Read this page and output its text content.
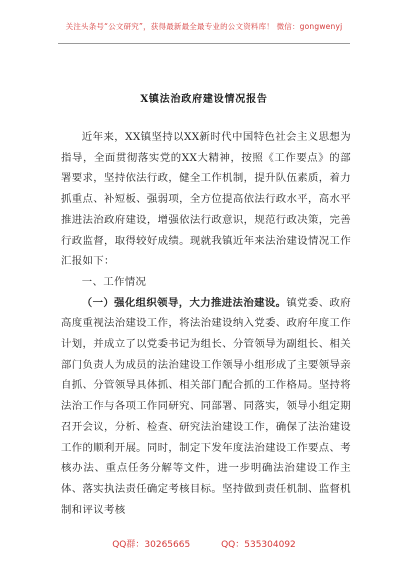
关注头条号“公文研究”，获得最新最全最专业的公文资料库！ 微信：gongwenyj
X镇法治政府建设情况报告

近年来，XX镇坚持以XX新时代中国特色社会主义思想为指导，全面贯彻落实党的XX大精神，按照《工作要点》的部署要求，坚持依法行政，健全工作机制，提升队伍素质，着力抓重点、补短板、强弱项，全方位提高依法行政水平，高水平推进法治政府建设，增强依法行政意识，规范行政决策，完善行政监督，取得较好成绩。现就我镇近年来法治建设情况工作汇报如下：

一、工作情况

（一）强化组织领导，大力推进法治建设。镇党委、政府高度重视法治建设工作，将法治建设纳入党委、政府年度工作计划，并成立了以党委书记为组长、分管领导为副组长、相关部门负责人为成员的法治建设工作领导小组形成了主要领导亲自抓、分管领导具体抓、相关部门配合抓的工作格局。坚持将法治工作与各项工作同研究、同部署、同落实，领导小组定期召开会议，分析、检查、研究法治建设工作，确保了法治建设工作的顺利开展。同时，制定下发年度法治建设工作要点、考核办法、重点任务分解等文件，进一步明确法治建设工作主体、落实执法责任确定考核目标。坚持做到责任机制、监督机制和评议考核

QQ群：30265665	QQ：535304092
